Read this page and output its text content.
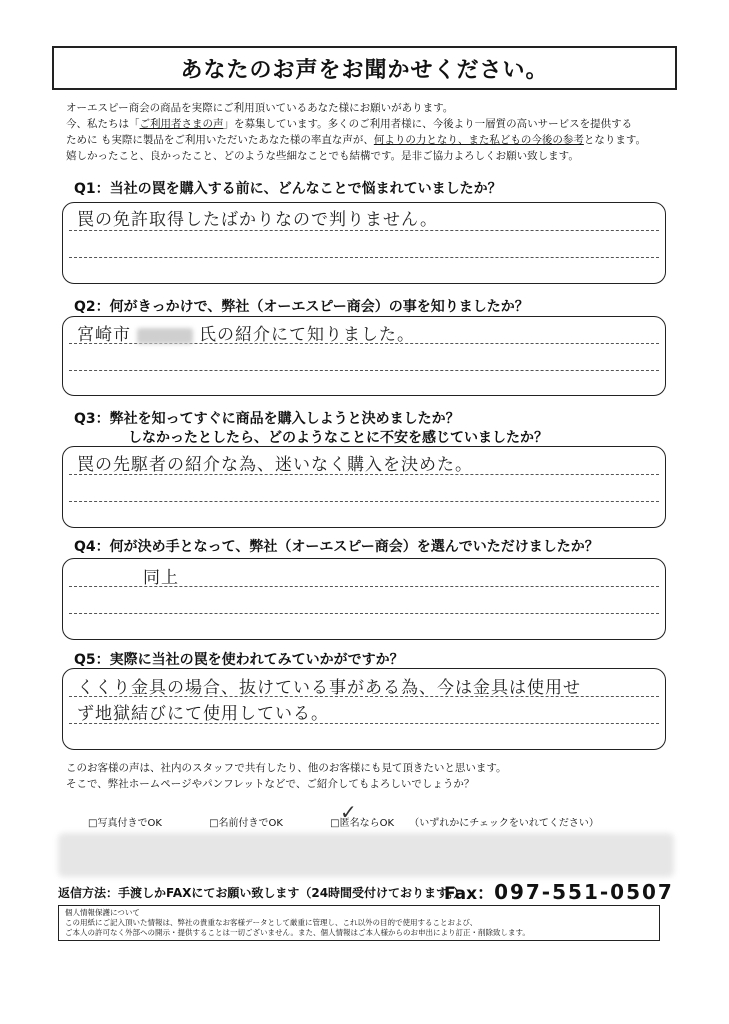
あなたのお声をお聞かせください。
オーエスピー商会の商品を実際にご利用頂いているあなた様にお願いがあります。
今、私たちは「ご利用者さまの声」を募集しています。多くのご利用者様に、今後より一層質の高いサービスを提供する
ために も実際に製品をご利用いただいたあなた様の率直な声が、何よりの力となり、また私どもの今後の参考となります。
嬉しかったこと、良かったこと、どのような些細なことでも結構です。是非ご協力よろしくお願い致します。
Q1：当社の罠を購入する前に、どんなことで悩まれていましたか？
罠の免許取得したばかりなので判りません。
Q2：何がきっかけで、弊社（オーエスピー商会）の事を知りましたか？
宮崎市	氏の紹介にて知りました。
Q3：弊社を知ってすぐに商品を購入しようと決めましたか？
しなかったとしたら、どのようなことに不安を感じていましたか？
罠の先駆者の紹介な為、迷いなく購入を決めた。
Q4：何が決め手となって、弊社（オーエスピー商会）を選んでいただけましたか？
同上
Q5：実際に当社の罠を使われてみていかがですか？
くくり金具の場合、抜けている事がある為、今は金具は使用せ
ず地獄結びにて使用している。
このお客様の声は、社内のスタッフで共有したり、他のお客様にも見て頂きたいと思います。
そこで、弊社ホームページやパンフレットなどで、ご紹介してもよろしいでしょうか？
✓
□写真付きでOK	□名前付きでOK	□匿名ならOK （いずれかにチェックをいれてください）
返信方法：手渡しかFAXにてお願い致します（24時間受付けております。）
Fax：097-551-0507
個人情報保護について
この用紙にご記入頂いた情報は、弊社の貴重なお客様データとして厳重に管理し、これ以外の目的で使用することおよび、
ご本人の許可なく外部への開示・提供することは一切ございません。また、個人情報はご本人様からのお申出により訂正・削除致します。
